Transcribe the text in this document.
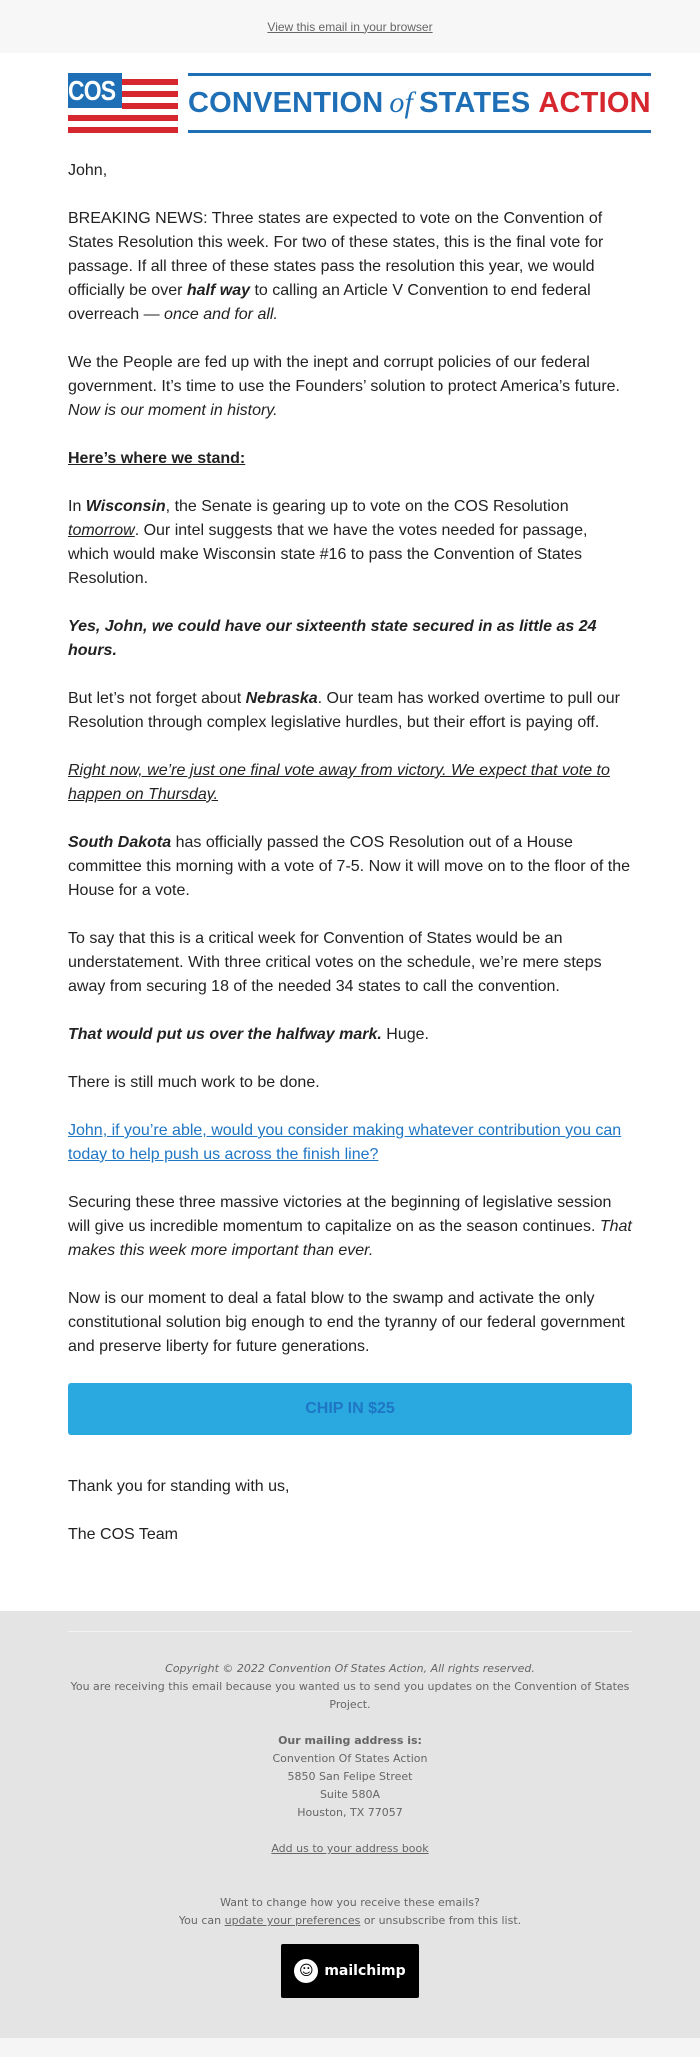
View this email in your browser
COS	CONVENTION of STATES ACTION

John,

BREAKING NEWS: Three states are expected to vote on the Convention of States Resolution this week. For two of these states, this is the final vote for passage. If all three of these states pass the resolution this year, we would officially be over half way to calling an Article V Convention to end federal overreach — once and for all.

We the People are fed up with the inept and corrupt policies of our federal government. It’s time to use the Founders’ solution to protect America’s future. Now is our moment in history.

Here’s where we stand:

In Wisconsin, the Senate is gearing up to vote on the COS Resolution tomorrow. Our intel suggests that we have the votes needed for passage, which would make Wisconsin state #16 to pass the Convention of States Resolution.

Yes, John, we could have our sixteenth state secured in as little as 24 hours.

But let’s not forget about Nebraska. Our team has worked overtime to pull our Resolution through complex legislative hurdles, but their effort is paying off.

Right now, we’re just one final vote away from victory. We expect that vote to happen on Thursday.

South Dakota has officially passed the COS Resolution out of a House committee this morning with a vote of 7-5. Now it will move on to the floor of the House for a vote.

To say that this is a critical week for Convention of States would be an understatement. With three critical votes on the schedule, we’re mere steps away from securing 18 of the needed 34 states to call the convention.

That would put us over the halfway mark. Huge.

There is still much work to be done.

John, if you’re able, would you consider making whatever contribution you can today to help push us across the finish line?

Securing these three massive victories at the beginning of legislative session will give us incredible momentum to capitalize on as the season continues. That makes this week more important than ever.

Now is our moment to deal a fatal blow to the swamp and activate the only constitutional solution big enough to end the tyranny of our federal government and preserve liberty for future generations.

CHIP IN $25

Thank you for standing with us,

The COS Team

Copyright © 2022 Convention Of States Action, All rights reserved.
You are receiving this email because you wanted us to send you updates on the Convention of States Project.
Our mailing address is:
Convention Of States Action
5850 San Felipe Street
Suite 580A
Houston, TX 77057
Add us to your address book
Want to change how you receive these emails?
You can update your preferences or unsubscribe from this list.
☺ mailchimp
